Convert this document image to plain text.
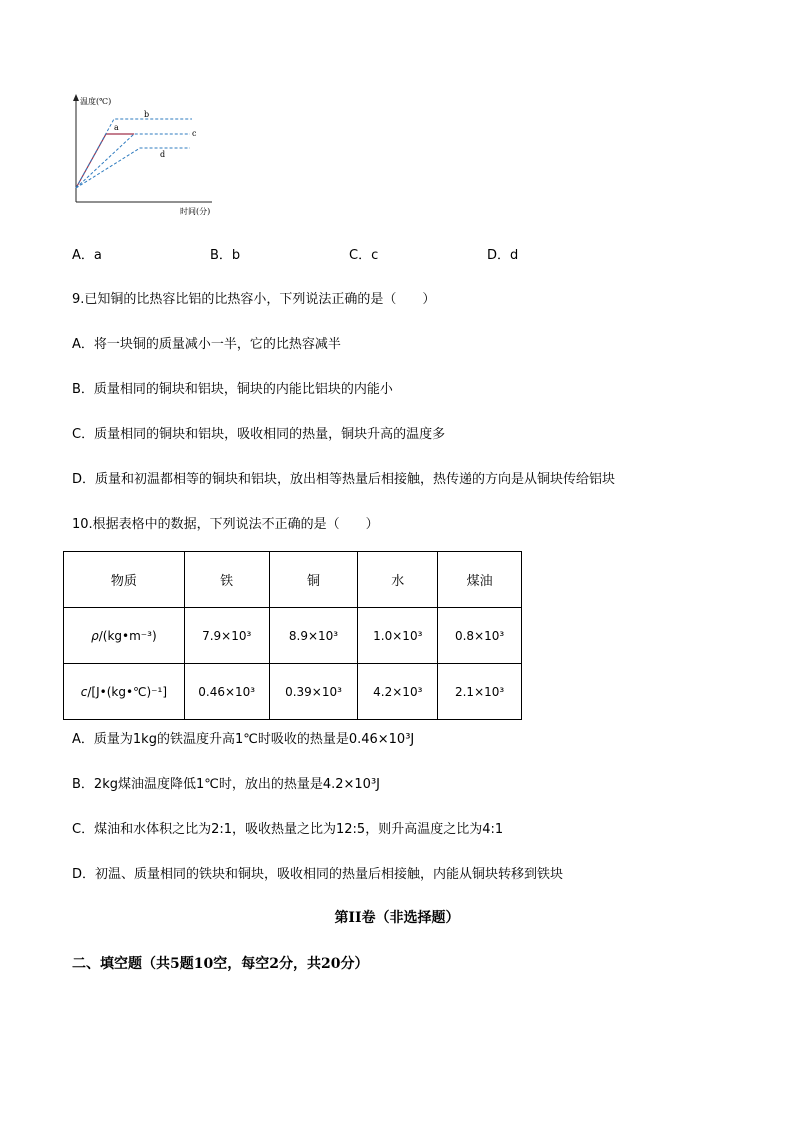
温度(℃)
时间(分)
b
a
c
d
A．a	B．b	C．c	D．d
9.已知铜的比热容比铝的比热容小，下列说法正确的是（　　）
A．将一块铜的质量减小一半，它的比热容减半
B．质量相同的铜块和铝块，铜块的内能比铝块的内能小
C．质量相同的铜块和铝块，吸收相同的热量，铜块升高的温度多
D．质量和初温都相等的铜块和铝块，放出相等热量后相接触，热传递的方向是从铜块传给铝块
10.根据表格中的数据，下列说法不正确的是（　　）
物质	铁	铜	水	煤油
ρ/(kg•m⁻³)	7.9×10³	8.9×10³	1.0×10³	0.8×10³
c/[J•(kg•℃)⁻¹]	0.46×10³	0.39×10³	4.2×10³	2.1×10³
A．质量为1kg的铁温度升高1℃时吸收的热量是0.46×10³J
B．2kg煤油温度降低1℃时，放出的热量是4.2×10³J
C．煤油和水体积之比为2:1，吸收热量之比为12:5，则升高温度之比为4:1
D．初温、质量相同的铁块和铜块，吸收相同的热量后相接触，内能从铜块转移到铁块
第II卷（非选择题）
二、填空题（共5题10空，每空2分，共20分）
